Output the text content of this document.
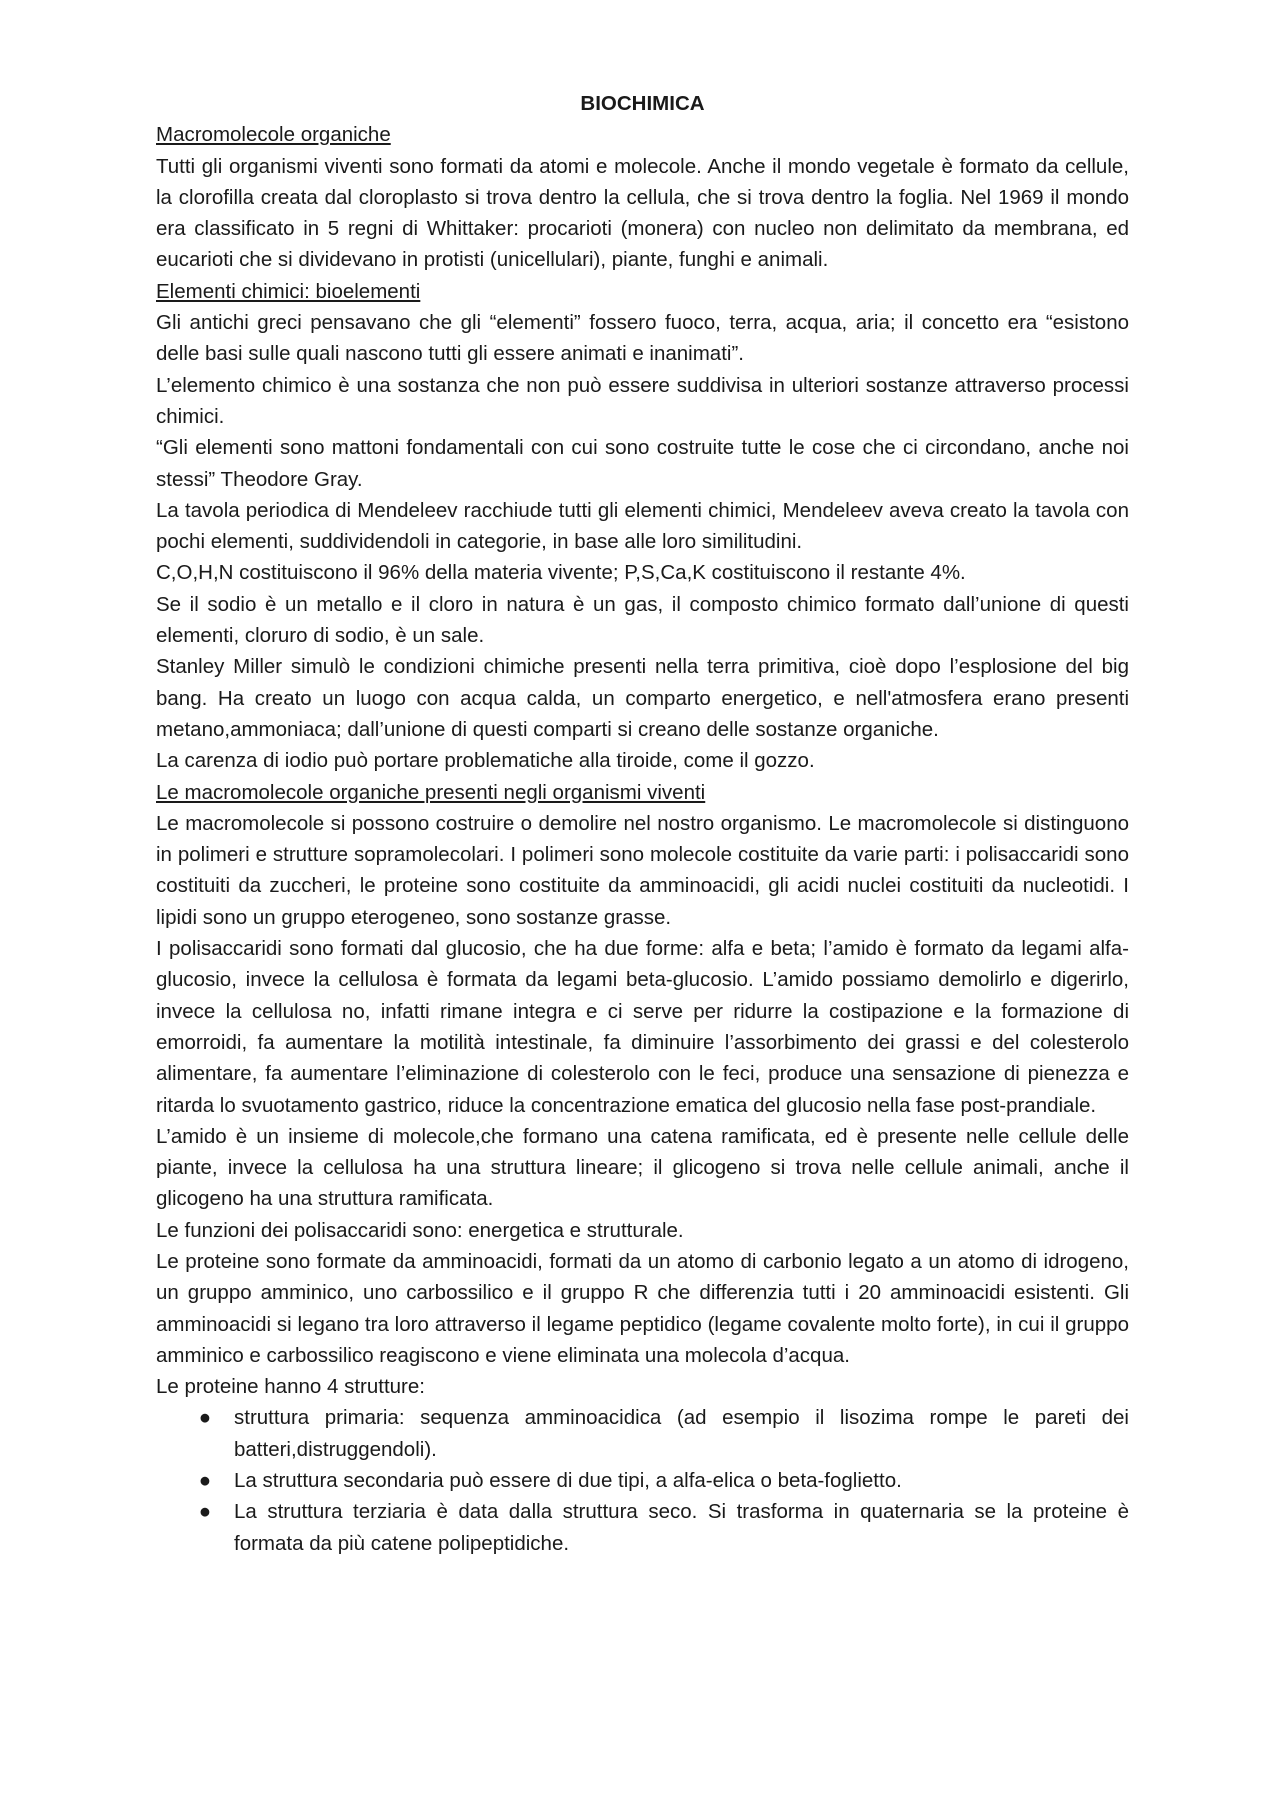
BIOCHIMICA

Macromolecole organiche

Tutti gli organismi viventi sono formati da atomi e molecole. Anche il mondo vegetale è formato da cellule, la clorofilla creata dal cloroplasto si trova dentro la cellula, che si trova dentro la foglia. Nel 1969 il mondo era classificato in 5 regni di Whittaker: procarioti (monera) con nucleo non delimitato da membrana, ed eucarioti che si dividevano in protisti (unicellulari), piante, funghi e animali.

Elementi chimici: bioelementi

Gli antichi greci pensavano che gli “elementi” fossero fuoco, terra, acqua, aria; il concetto era “esistono delle basi sulle quali nascono tutti gli essere animati e inanimati”.

L’elemento chimico è una sostanza che non può essere suddivisa in ulteriori sostanze attraverso processi chimici.

“Gli elementi sono mattoni fondamentali con cui sono costruite tutte le cose che ci circondano, anche noi stessi” Theodore Gray.

La tavola periodica di Mendeleev racchiude tutti gli elementi chimici, Mendeleev aveva creato la tavola con pochi elementi, suddividendoli in categorie, in base alle loro similitudini.

C,O,H,N costituiscono il 96% della materia vivente; P,S,Ca,K costituiscono il restante 4%.

Se il sodio è un metallo e il cloro in natura è un gas, il composto chimico formato dall’unione di questi elementi, cloruro di sodio, è un sale.

Stanley Miller simulò le condizioni chimiche presenti nella terra primitiva, cioè dopo l’esplosione del big bang. Ha creato un luogo con acqua calda, un comparto energetico, e nell'atmosfera erano presenti metano,ammoniaca; dall’unione di questi comparti si creano delle sostanze organiche.

La carenza di iodio può portare problematiche alla tiroide, come il gozzo.

Le macromolecole organiche presenti negli organismi viventi

Le macromolecole si possono costruire o demolire nel nostro organismo. Le macromolecole si distinguono in polimeri e strutture sopramolecolari. I polimeri sono molecole costituite da varie parti: i polisaccaridi sono costituiti da zuccheri, le proteine sono costituite da amminoacidi, gli acidi nuclei costituiti da nucleotidi. I lipidi sono un gruppo eterogeneo, sono sostanze grasse.

I polisaccaridi sono formati dal glucosio, che ha due forme: alfa e beta; l’amido è formato da legami alfa-glucosio, invece la cellulosa è formata da legami beta-glucosio. L’amido possiamo demolirlo e digerirlo, invece la cellulosa no, infatti rimane integra e ci serve per ridurre la costipazione e la formazione di emorroidi, fa aumentare la motilità intestinale, fa diminuire l’assorbimento dei grassi e del colesterolo alimentare, fa aumentare l’eliminazione di colesterolo con le feci, produce una sensazione di pienezza e ritarda lo svuotamento gastrico, riduce la concentrazione ematica del glucosio nella fase post-prandiale.

L’amido è un insieme di molecole,che formano una catena ramificata, ed è presente nelle cellule delle piante, invece la cellulosa ha una struttura lineare; il glicogeno si trova nelle cellule animali, anche il glicogeno ha una struttura ramificata.

Le funzioni dei polisaccaridi sono: energetica e strutturale.

Le proteine sono formate da amminoacidi, formati da un atomo di carbonio legato a un atomo di idrogeno, un gruppo amminico, uno carbossilico e il gruppo R che differenzia tutti i 20 amminoacidi esistenti. Gli amminoacidi si legano tra loro attraverso il legame peptidico (legame covalente molto forte), in cui il gruppo amminico e carbossilico reagiscono e viene eliminata una molecola d’acqua.

Le proteine hanno 4 strutture:

● struttura primaria: sequenza amminoacidica (ad esempio il lisozima rompe le pareti dei batteri,distruggendoli).
● La struttura secondaria può essere di due tipi, a alfa-elica o beta-foglietto.
● La struttura terziaria è data dalla struttura seco. Si trasforma in quaternaria se la proteine è formata da più catene polipeptidiche.
